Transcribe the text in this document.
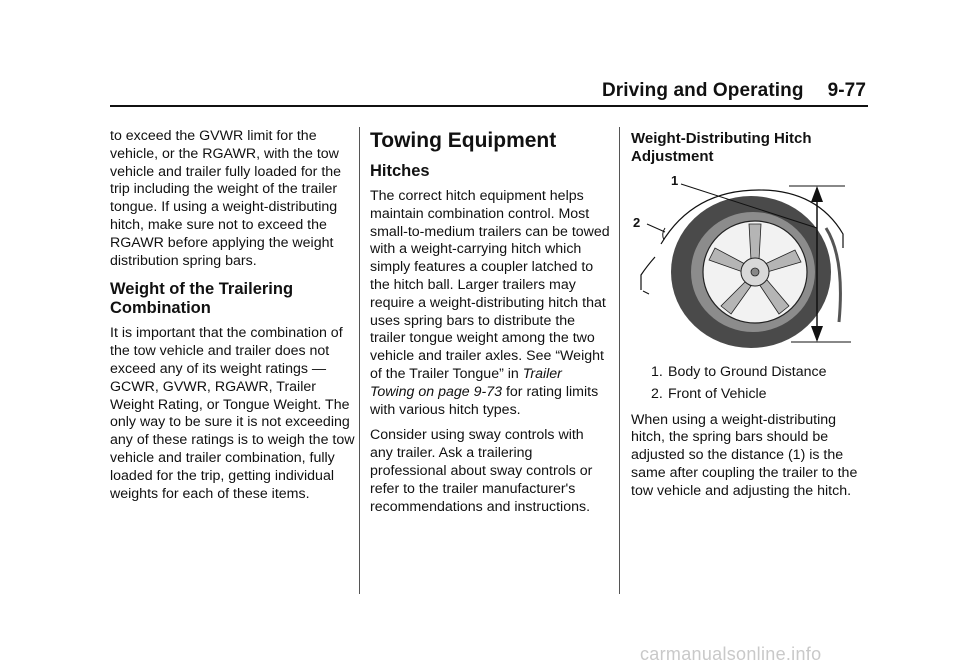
Driving and Operating 9-77

to exceed the GVWR limit for the vehicle, or the RGAWR, with the tow vehicle and trailer fully loaded for the trip including the weight of the trailer tongue. If using a weight-distributing hitch, make sure not to exceed the RGAWR before applying the weight distribution spring bars.

Weight of the Trailering Combination

It is important that the combination of the tow vehicle and trailer does not exceed any of its weight ratings — GCWR, GVWR, RGAWR, Trailer Weight Rating, or Tongue Weight. The only way to be sure it is not exceeding any of these ratings is to weigh the tow vehicle and trailer combination, fully loaded for the trip, getting individual weights for each of these items.

Towing Equipment
Hitches

The correct hitch equipment helps maintain combination control. Most small-to-medium trailers can be towed with a weight-carrying hitch which simply features a coupler latched to the hitch ball. Larger trailers may require a weight-distributing hitch that uses spring bars to distribute the trailer tongue weight among the two vehicle and trailer axles. See “Weight of the Trailer Tongue” in Trailer Towing on page 9-73 for rating limits with various hitch types.

Consider using sway controls with any trailer. Ask a trailering professional about sway controls or refer to the trailer manufacturer's recommendations and instructions.

Weight-Distributing Hitch Adjustment
1
2
1. Body to Ground Distance
2. Front of Vehicle

When using a weight-distributing hitch, the spring bars should be adjusted so the distance (1) is the same after coupling the trailer to the tow vehicle and adjusting the hitch.

carmanualsonline.info
